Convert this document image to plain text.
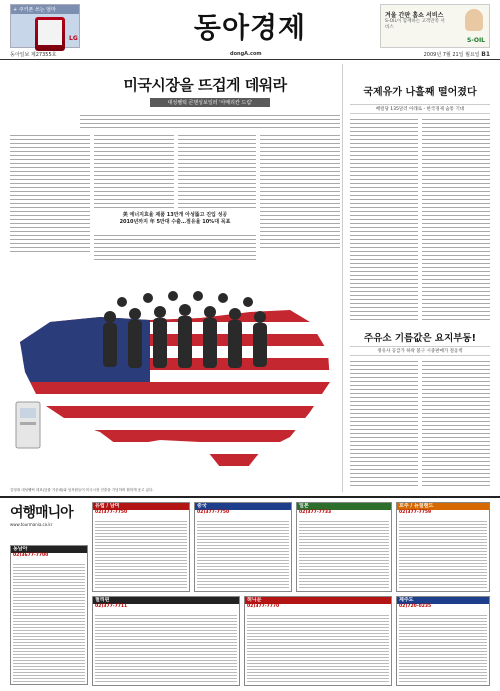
+ 쿠키폰 쓰는 엄마
LG	동아경제	겨울 간판 홈쇼 서비스
S-OIL이 함께하는 고객만족 서비스
S-OIL
동아일보 제27355호	dongA.com	2009년 7월 21일 월요일 B1
미국시장을 뜨겁게 데워라
대성쎌틱 콘덴싱보일러 '아메리칸 드림'
美 에너지효율 제품 13만개 아성뚫고 진입 성공
2010년까지 年 5만대 수출…점유율 10%대 목표
김영대 대성쎌틱 대표(앞줄 가운데)와 임직원들이 미국시장 진출을 기념하며 환하게 웃고 있다.
국제유가 나흘째 떨어졌다
배럴당 135달러 아래로 - 한국경제 숨통 기대
주유소 기름값은 요지부동!
정유사 공급가 하락 불구 시중판매가 철옹벽
여행매니아
www.tourmania.co.kr
동남아
02)3677-7700
유럽 / 남미
02)377-7750
중국
02)377-7750
일본
02)377-7733
호주 / 뉴질랜드
02)377-7759
필리핀
02)377-7711
허니문
02)377-7770
제주도
02)720-0235
